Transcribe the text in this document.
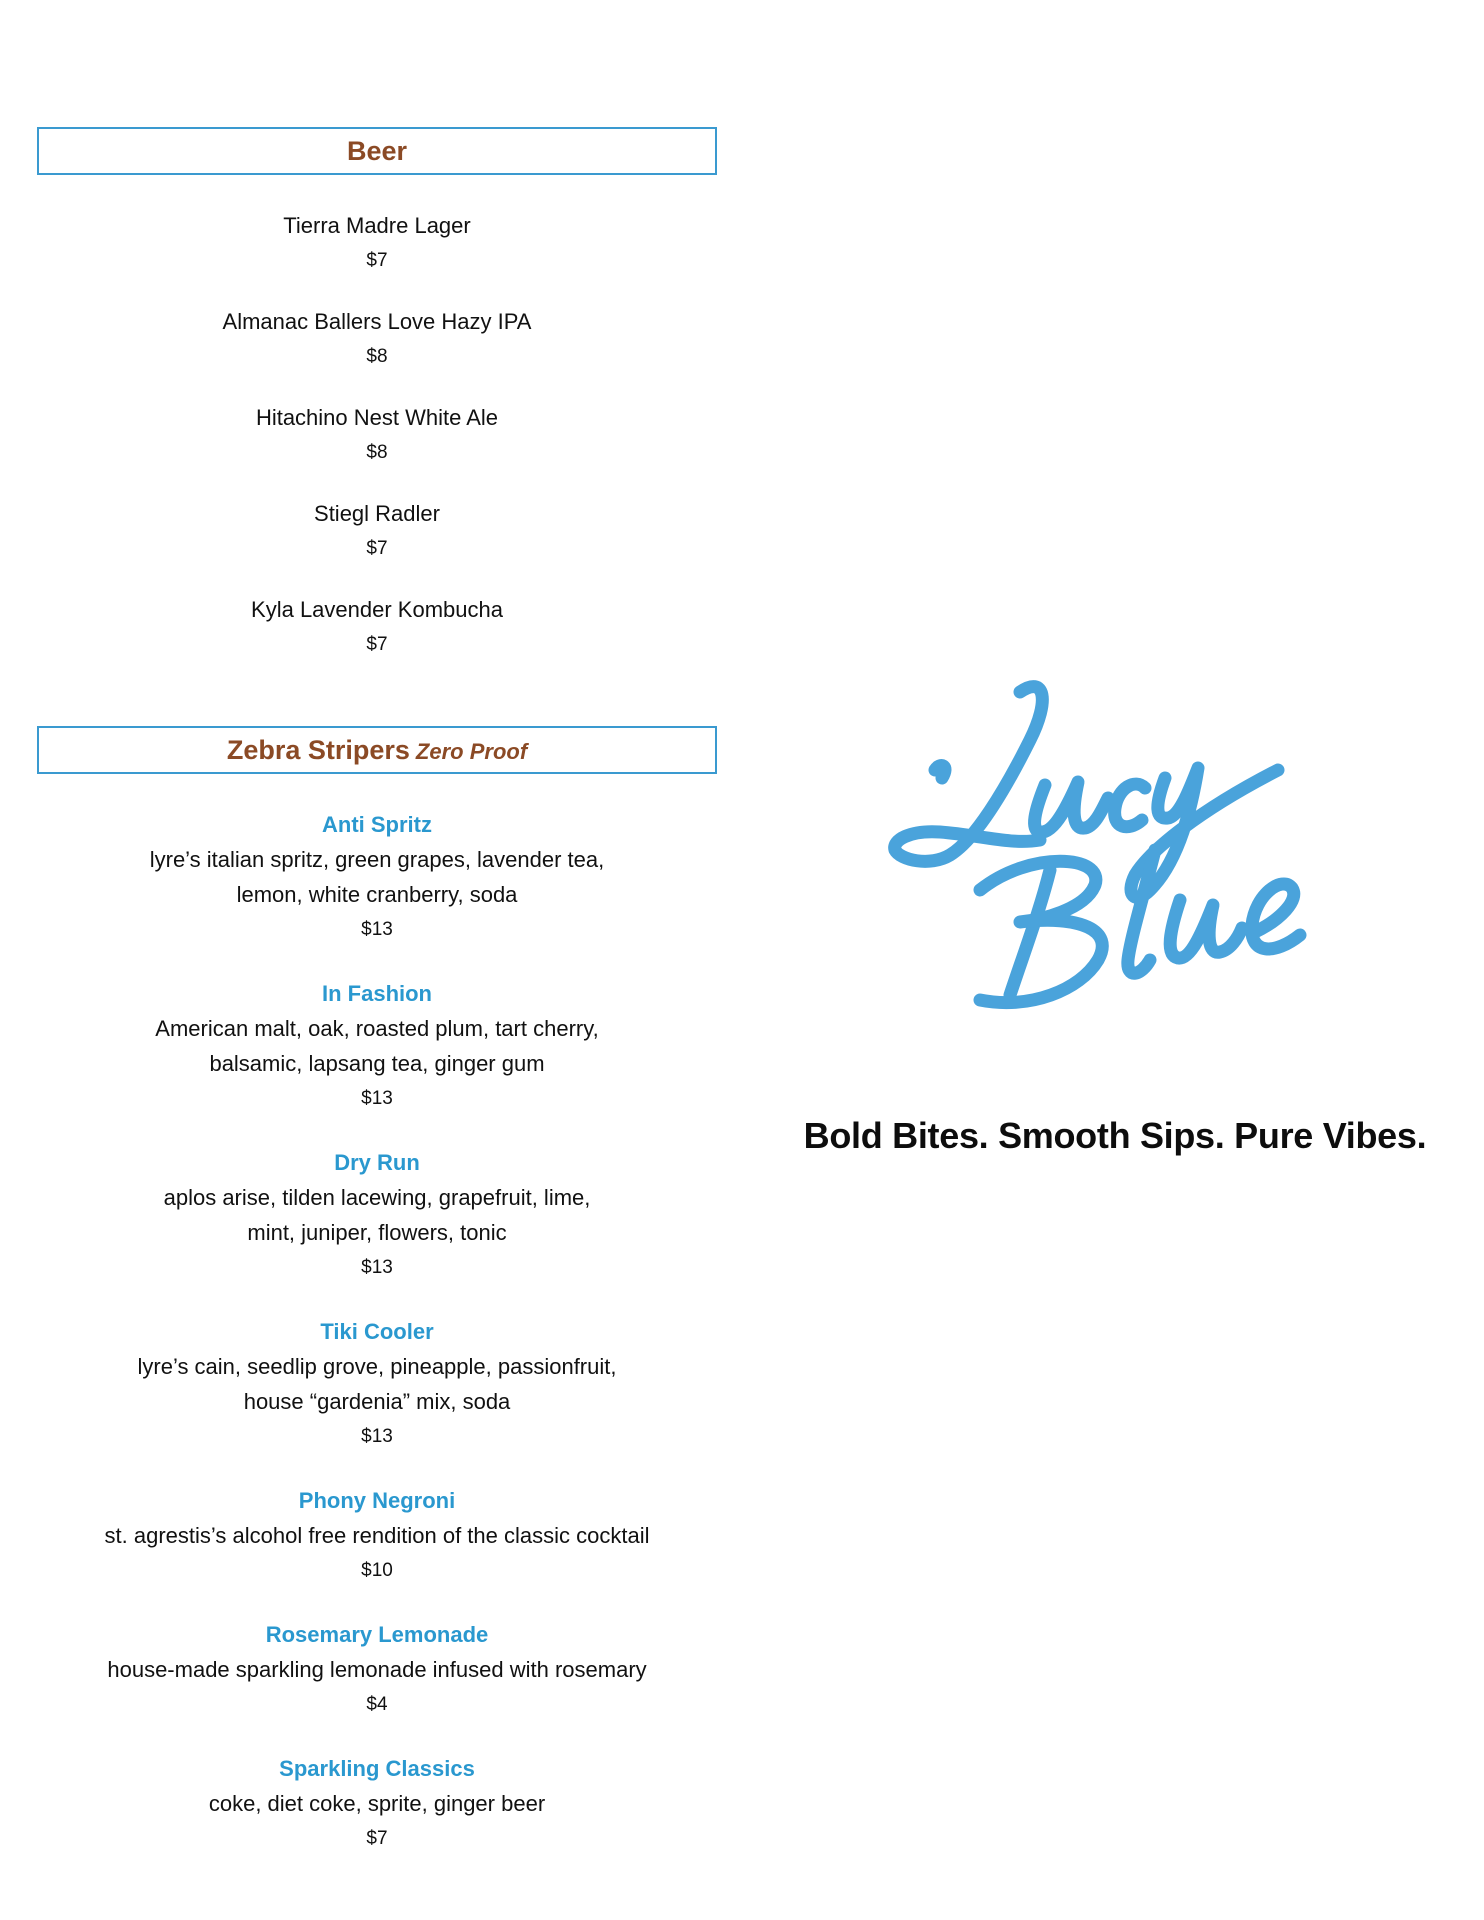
Beer
Tierra Madre Lager
$7
Almanac Ballers Love Hazy IPA
$8
Hitachino Nest White Ale
$8
Stiegl Radler
$7
Kyla Lavender Kombucha
$7
Zebra Stripers Zero Proof
Anti Spritz
lyre’s italian spritz, green grapes, lavender tea, lemon, white cranberry, soda
$13
In Fashion
American malt, oak, roasted plum, tart cherry, balsamic, lapsang tea, ginger gum
$13
Dry Run
aplos arise, tilden lacewing, grapefruit, lime, mint, juniper, flowers, tonic
$13
Tiki Cooler
lyre’s cain, seedlip grove, pineapple, passionfruit, house “gardenia” mix, soda
$13
Phony Negroni
st. agrestis’s alcohol free rendition of the classic cocktail
$10
Rosemary Lemonade
house-made sparkling lemonade infused with rosemary
$4
Sparkling Classics
coke, diet coke, sprite, ginger beer
$7
Bold Bites. Smooth Sips. Pure Vibes.
